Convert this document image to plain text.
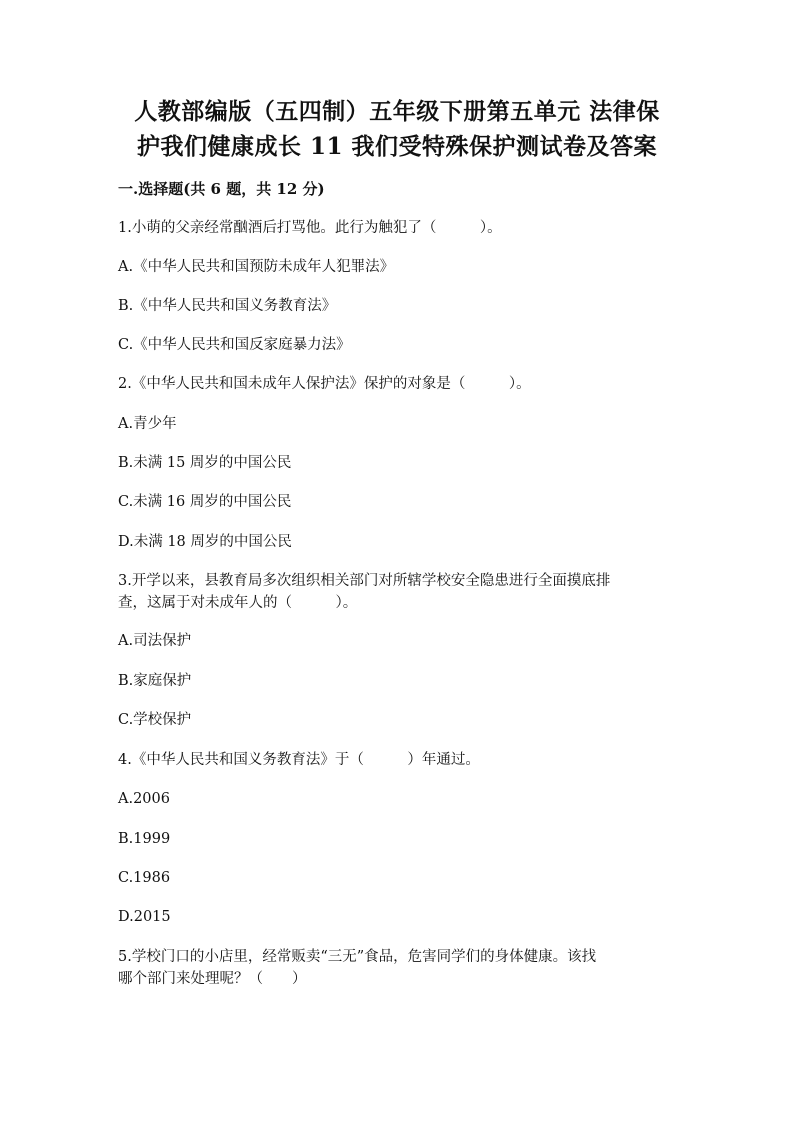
人教部编版（五四制）五年级下册第五单元 法律保
护我们健康成长 11 我们受特殊保护测试卷及答案
一.选择题(共 6 题，共 12 分)
1.小萌的父亲经常酗酒后打骂他。此行为触犯了（　　　）。
A.《中华人民共和国预防未成年人犯罪法》
B.《中华人民共和国义务教育法》
C.《中华人民共和国反家庭暴力法》
2.《中华人民共和国未成年人保护法》保护的对象是（　　　）。
A.青少年
B.未满 15 周岁的中国公民
C.未满 16 周岁的中国公民
D.未满 18 周岁的中国公民
3.开学以来，县教育局多次组织相关部门对所辖学校安全隐患进行全面摸底排
查，这属于对未成年人的（　　　）。
A.司法保护
B.家庭保护
C.学校保护
4.《中华人民共和国义务教育法》于（　　　）年通过。
A.2006
B.1999
C.1986
D.2015
5.学校门口的小店里，经常贩卖“三无”食品，危害同学们的身体健康。该找
哪个部门来处理呢？（　　）
